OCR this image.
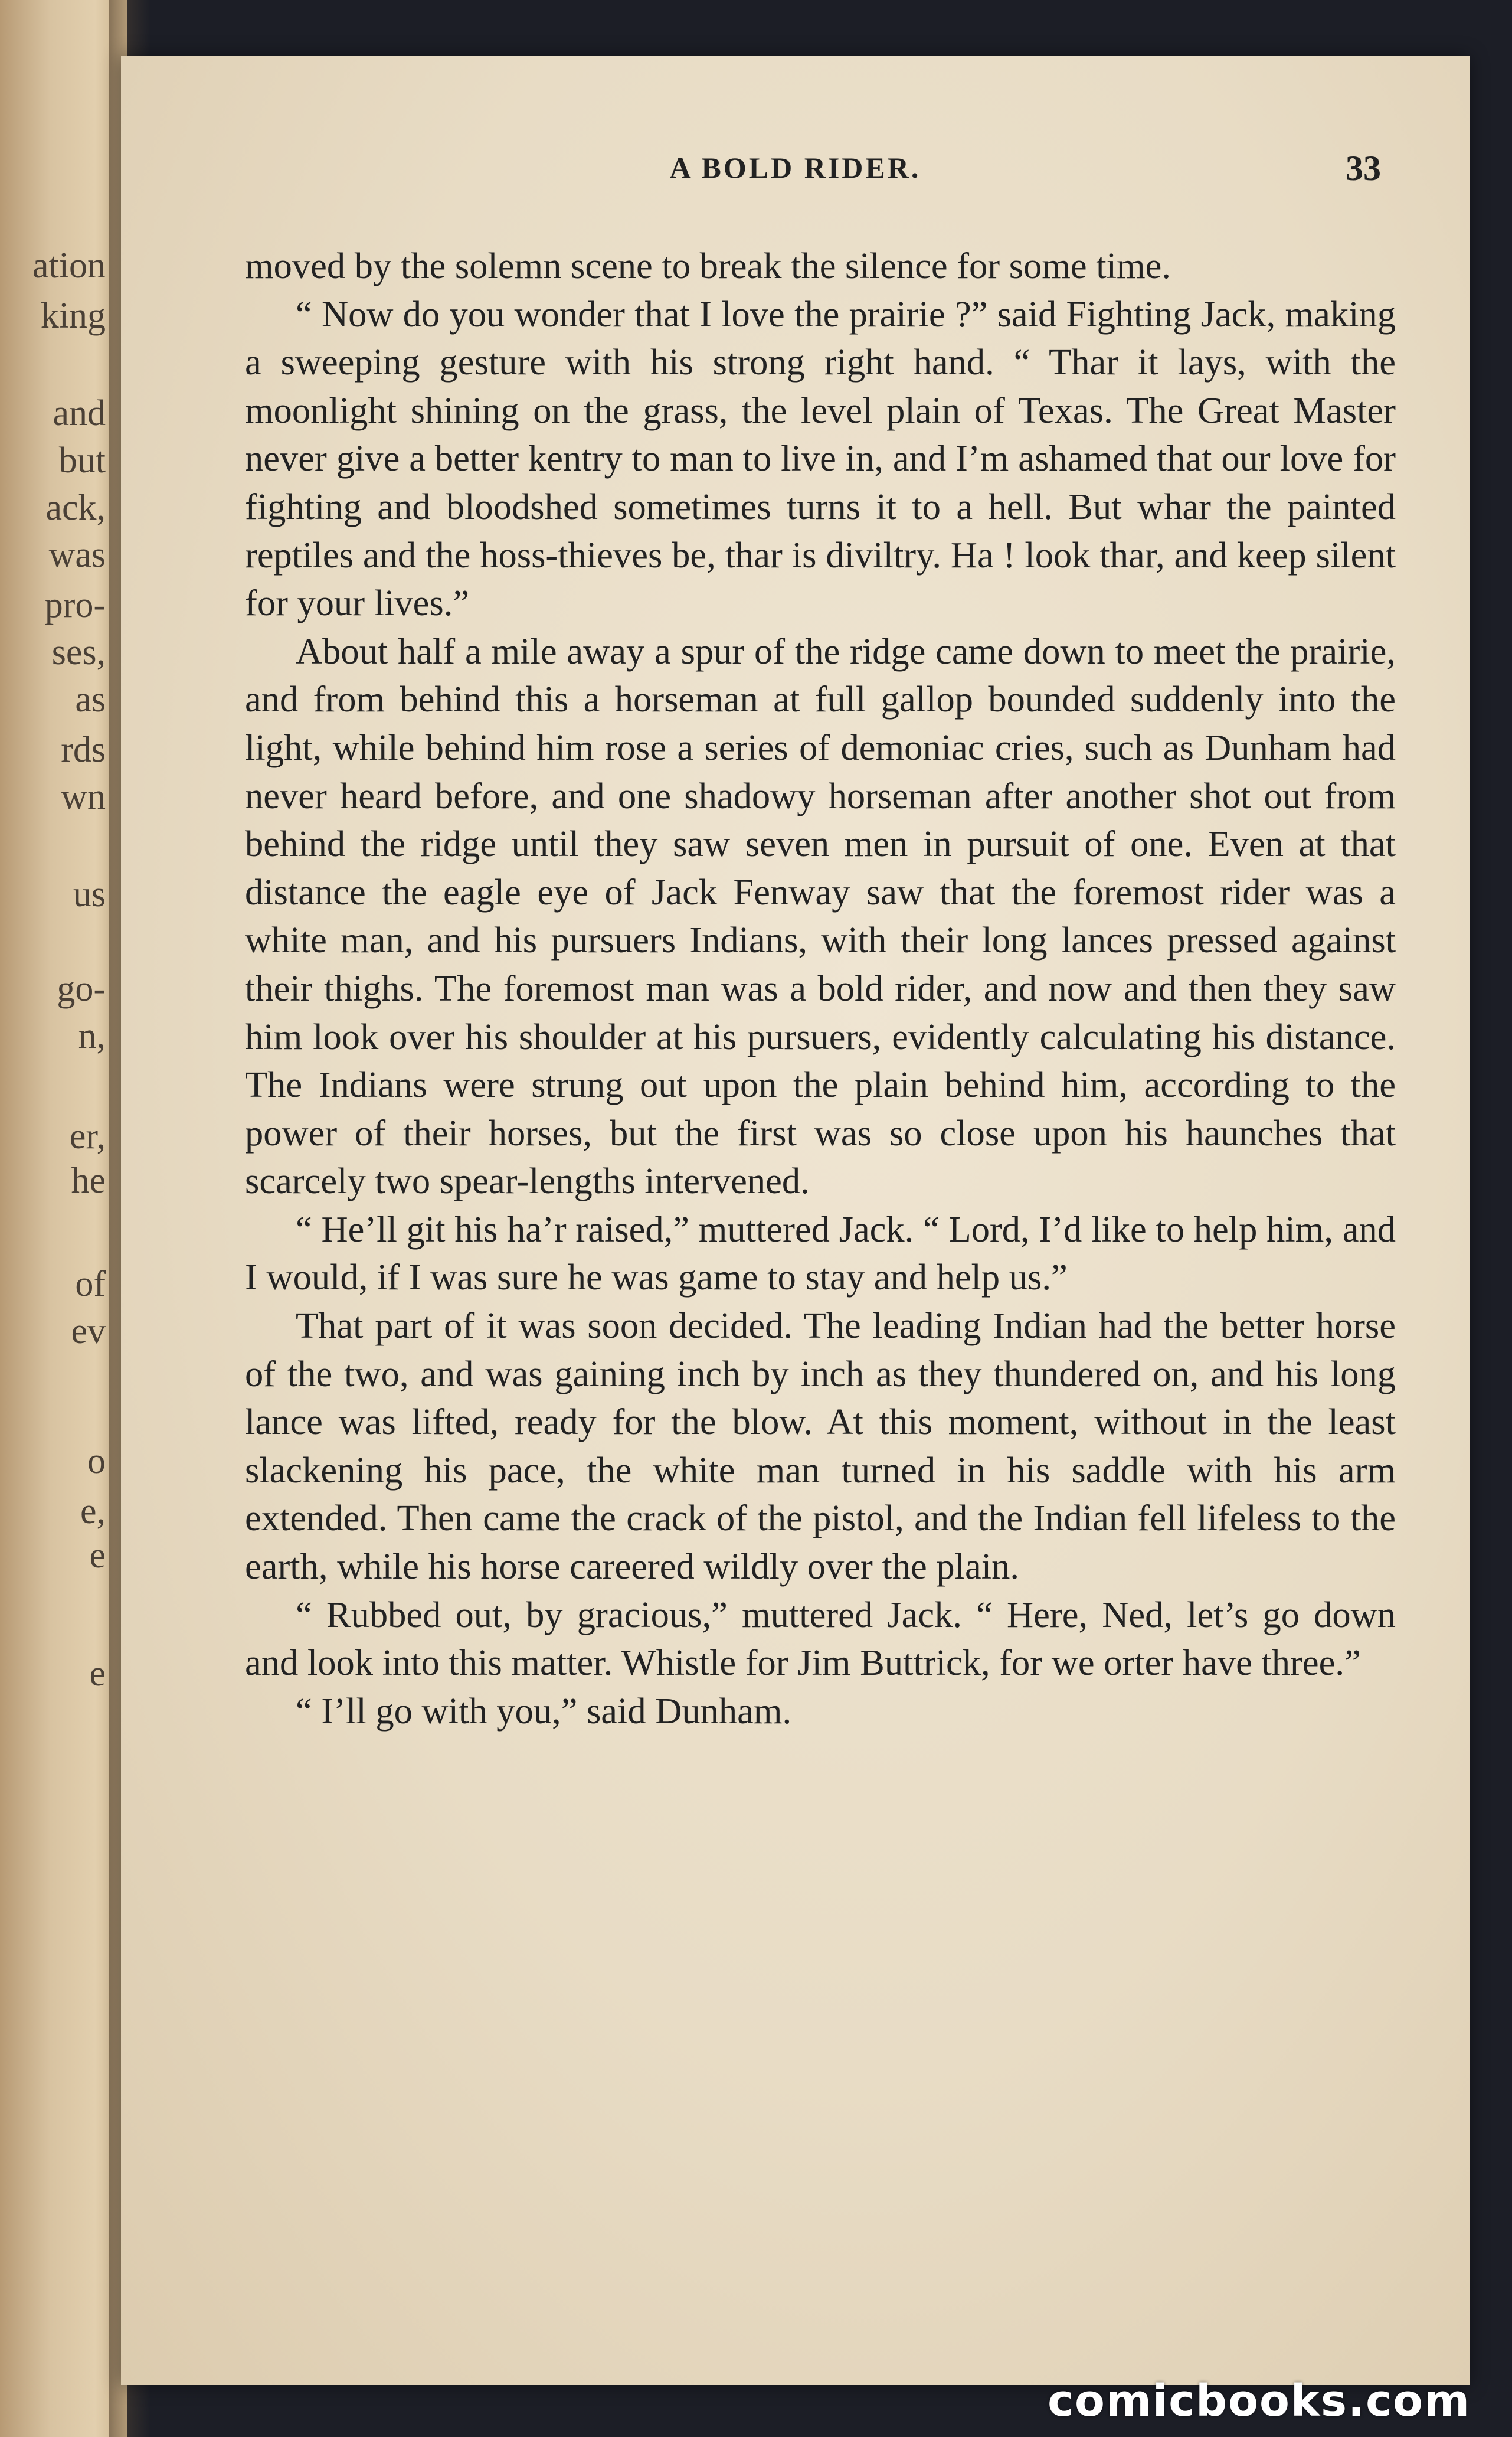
ation
king
and
but
ack,
was
pro-
ses,
as
rds
wn
us
go-
n,
er,
he
of
ev
o
e,
e
e
A BOLD RIDER.	33

moved by the solemn scene to break the silence for some time.

“ Now do you wonder that I love the prairie ?” said Fighting Jack, making a sweeping gesture with his strong right hand. “ Thar it lays, with the moonlight shining on the grass, the level plain of Texas. The Great Master never give a better kentry to man to live in, and I’m ashamed that our love for fighting and bloodshed sometimes turns it to a hell. But whar the painted reptiles and the hoss-thieves be, thar is diviltry. Ha ! look thar, and keep silent for your lives.”

About half a mile away a spur of the ridge came down to meet the prairie, and from behind this a horseman at full gallop bounded suddenly into the light, while behind him rose a series of demoniac cries, such as Dunham had never heard before, and one shadowy horseman after another shot out from behind the ridge until they saw seven men in pursuit of one. Even at that distance the eagle eye of Jack Fenway saw that the foremost rider was a white man, and his pursuers Indians, with their long lances pressed against their thighs. The foremost man was a bold rider, and now and then they saw him look over his shoulder at his pursuers, evidently calculating his distance. The Indians were strung out upon the plain behind him, according to the power of their horses, but the first was so close upon his haunches that scarcely two spear-lengths intervened.

“ He’ll git his ha’r raised,” muttered Jack. “ Lord, I’d like to help him, and I would, if I was sure he was game to stay and help us.”

That part of it was soon decided. The leading Indian had the better horse of the two, and was gaining inch by inch as they thundered on, and his long lance was lifted, ready for the blow. At this moment, without in the least slackening his pace, the white man turned in his saddle with his arm extended. Then came the crack of the pistol, and the Indian fell lifeless to the earth, while his horse careered wildly over the plain.

“ Rubbed out, by gracious,” muttered Jack. “ Here, Ned, let’s go down and look into this matter. Whistle for Jim Buttrick, for we orter have three.”

“ I’ll go with you,” said Dunham.

comicbooks.com
